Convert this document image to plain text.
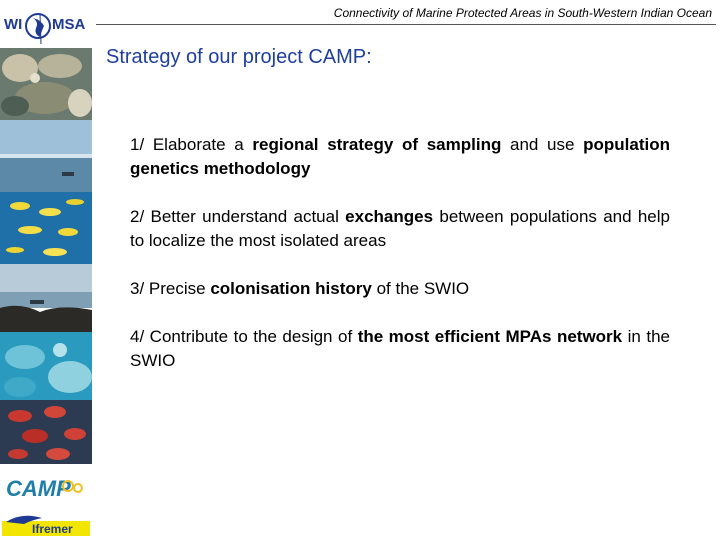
WI MSA
Connectivity of Marine Protected Areas in South-Western Indian Ocean
Strategy of our project CAMP:

1/ Elaborate a regional strategy of sampling and use population genetics methodology

2/ Better understand actual exchanges between populations and help to localize the most isolated areas

3/ Precise colonisation history of the SWIO

4/ Contribute to the design of the most efficient MPAs network in the SWIO

CAMP
Ifremer
